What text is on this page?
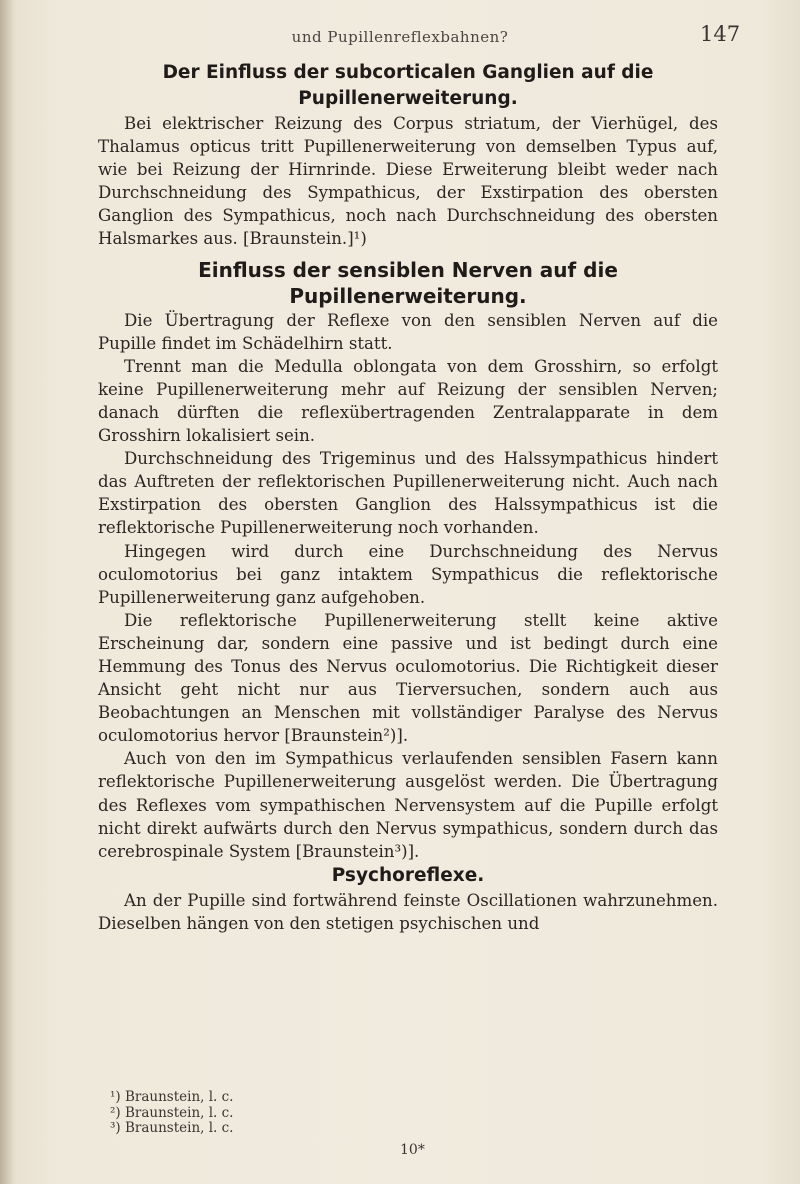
und Pupillenreflexbahnen?	147
Der Einfluss der subcorticalen Ganglien auf die
Pupillenerweiterung.

Bei elektrischer Reizung des Corpus striatum, der Vierhügel, des Thalamus opticus tritt Pupillenerweiterung von demselben Typus auf, wie bei Reizung der Hirnrinde. Diese Erweiterung bleibt weder nach Durchschneidung des Sympathicus, der Exstirpation des obersten Ganglion des Sympathicus, noch nach Durchschneidung des obersten Halsmarkes aus. [Braunstein.]¹)

Einfluss der sensiblen Nerven auf die Pupillenerweiterung.

Die Übertragung der Reflexe von den sensiblen Nerven auf die Pupille findet im Schädelhirn statt.

Trennt man die Medulla oblongata von dem Grosshirn, so erfolgt keine Pupillenerweiterung mehr auf Reizung der sensiblen Nerven; danach dürften die reflexübertragenden Zentralapparate in dem Grosshirn lokalisiert sein.

Durchschneidung des Trigeminus und des Halssympathicus hindert das Auftreten der reflektorischen Pupillenerweiterung nicht. Auch nach Exstirpation des obersten Ganglion des Halssympathicus ist die reflektorische Pupillenerweiterung noch vorhanden.

Hingegen wird durch eine Durchschneidung des Nervus oculomotorius bei ganz intaktem Sympathicus die reflektorische Pupillenerweiterung ganz aufgehoben.

Die reflektorische Pupillenerweiterung stellt keine aktive Erscheinung dar, sondern eine passive und ist bedingt durch eine Hemmung des Tonus des Nervus oculomotorius. Die Richtigkeit dieser Ansicht geht nicht nur aus Tierversuchen, sondern auch aus Beobachtungen an Menschen mit vollständiger Paralyse des Nervus oculomotorius hervor [Braunstein²)].

Auch von den im Sympathicus verlaufenden sensiblen Fasern kann reflektorische Pupillenerweiterung ausgelöst werden. Die Übertragung des Reflexes vom sympathischen Nervensystem auf die Pupille erfolgt nicht direkt aufwärts durch den Nervus sympathicus, sondern durch das cerebrospinale System [Braunstein³)].

Psychoreflexe.

An der Pupille sind fortwährend feinste Oscillationen wahrzunehmen. Dieselben hängen von den stetigen psychischen und

¹) Braunstein, l. c.
²) Braunstein, l. c.
³) Braunstein, l. c.
10*
